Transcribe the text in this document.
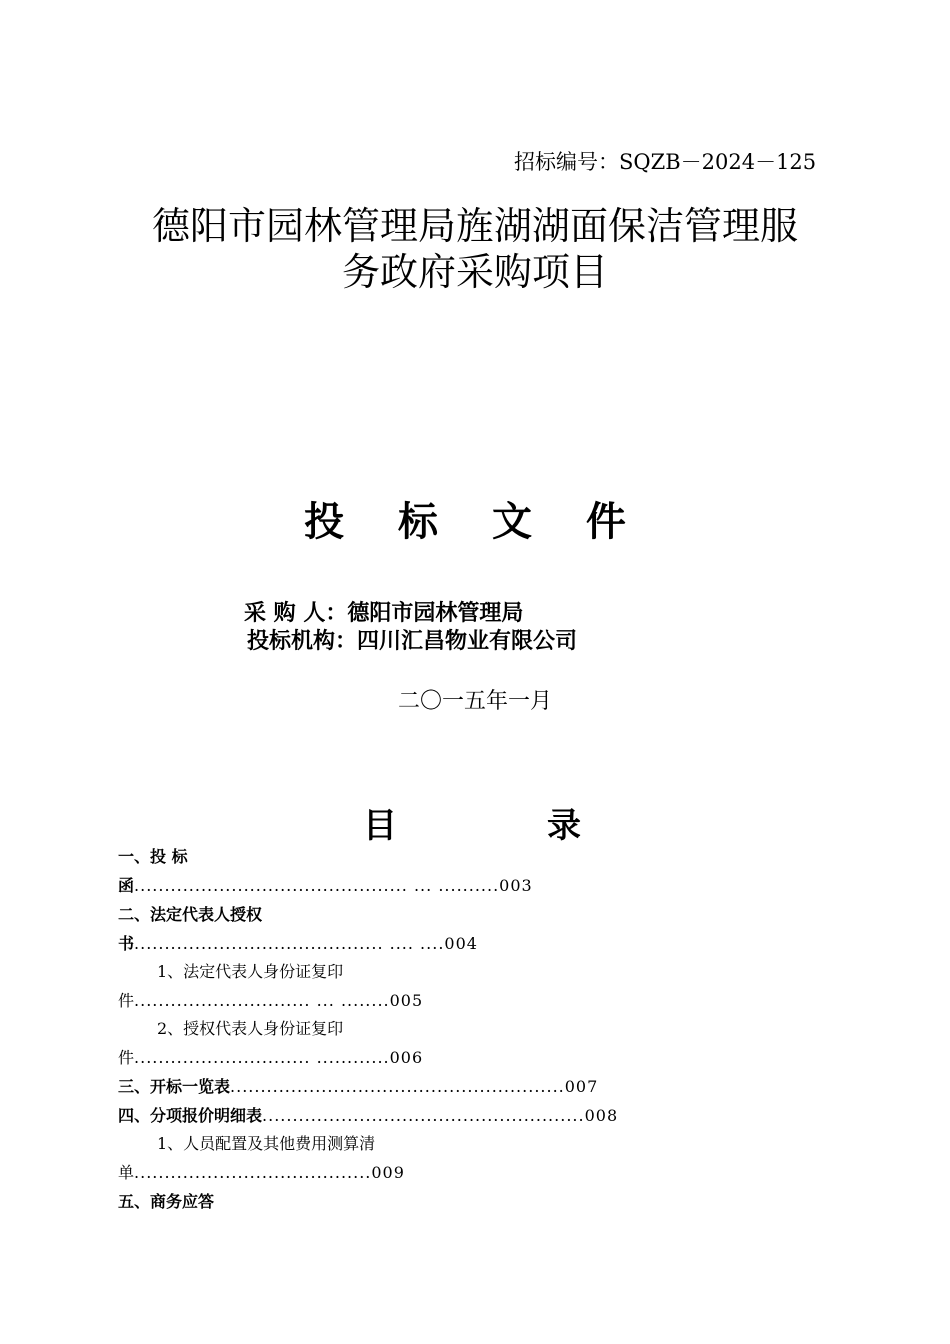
招标编号：SQZB－2024－125
德阳市园林管理局旌湖湖面保洁管理服
务政府采购项目
投 标 文 件
采 购 人：德阳市园林管理局
投标机构：四川汇昌物业有限公司
二〇一五年一月
目	录
一、投 标
函............................................. ... ..........003
二、法定代表人授权
书......................................... .... ....004
1、法定代表人身份证复印
件............................. ... ........005
2、授权代表人身份证复印
件............................. ............006
三、开标一览表.......................................................007
四、分项报价明细表.....................................................008
1、人员配置及其他费用测算清
单.......................................009
五、商务应答
